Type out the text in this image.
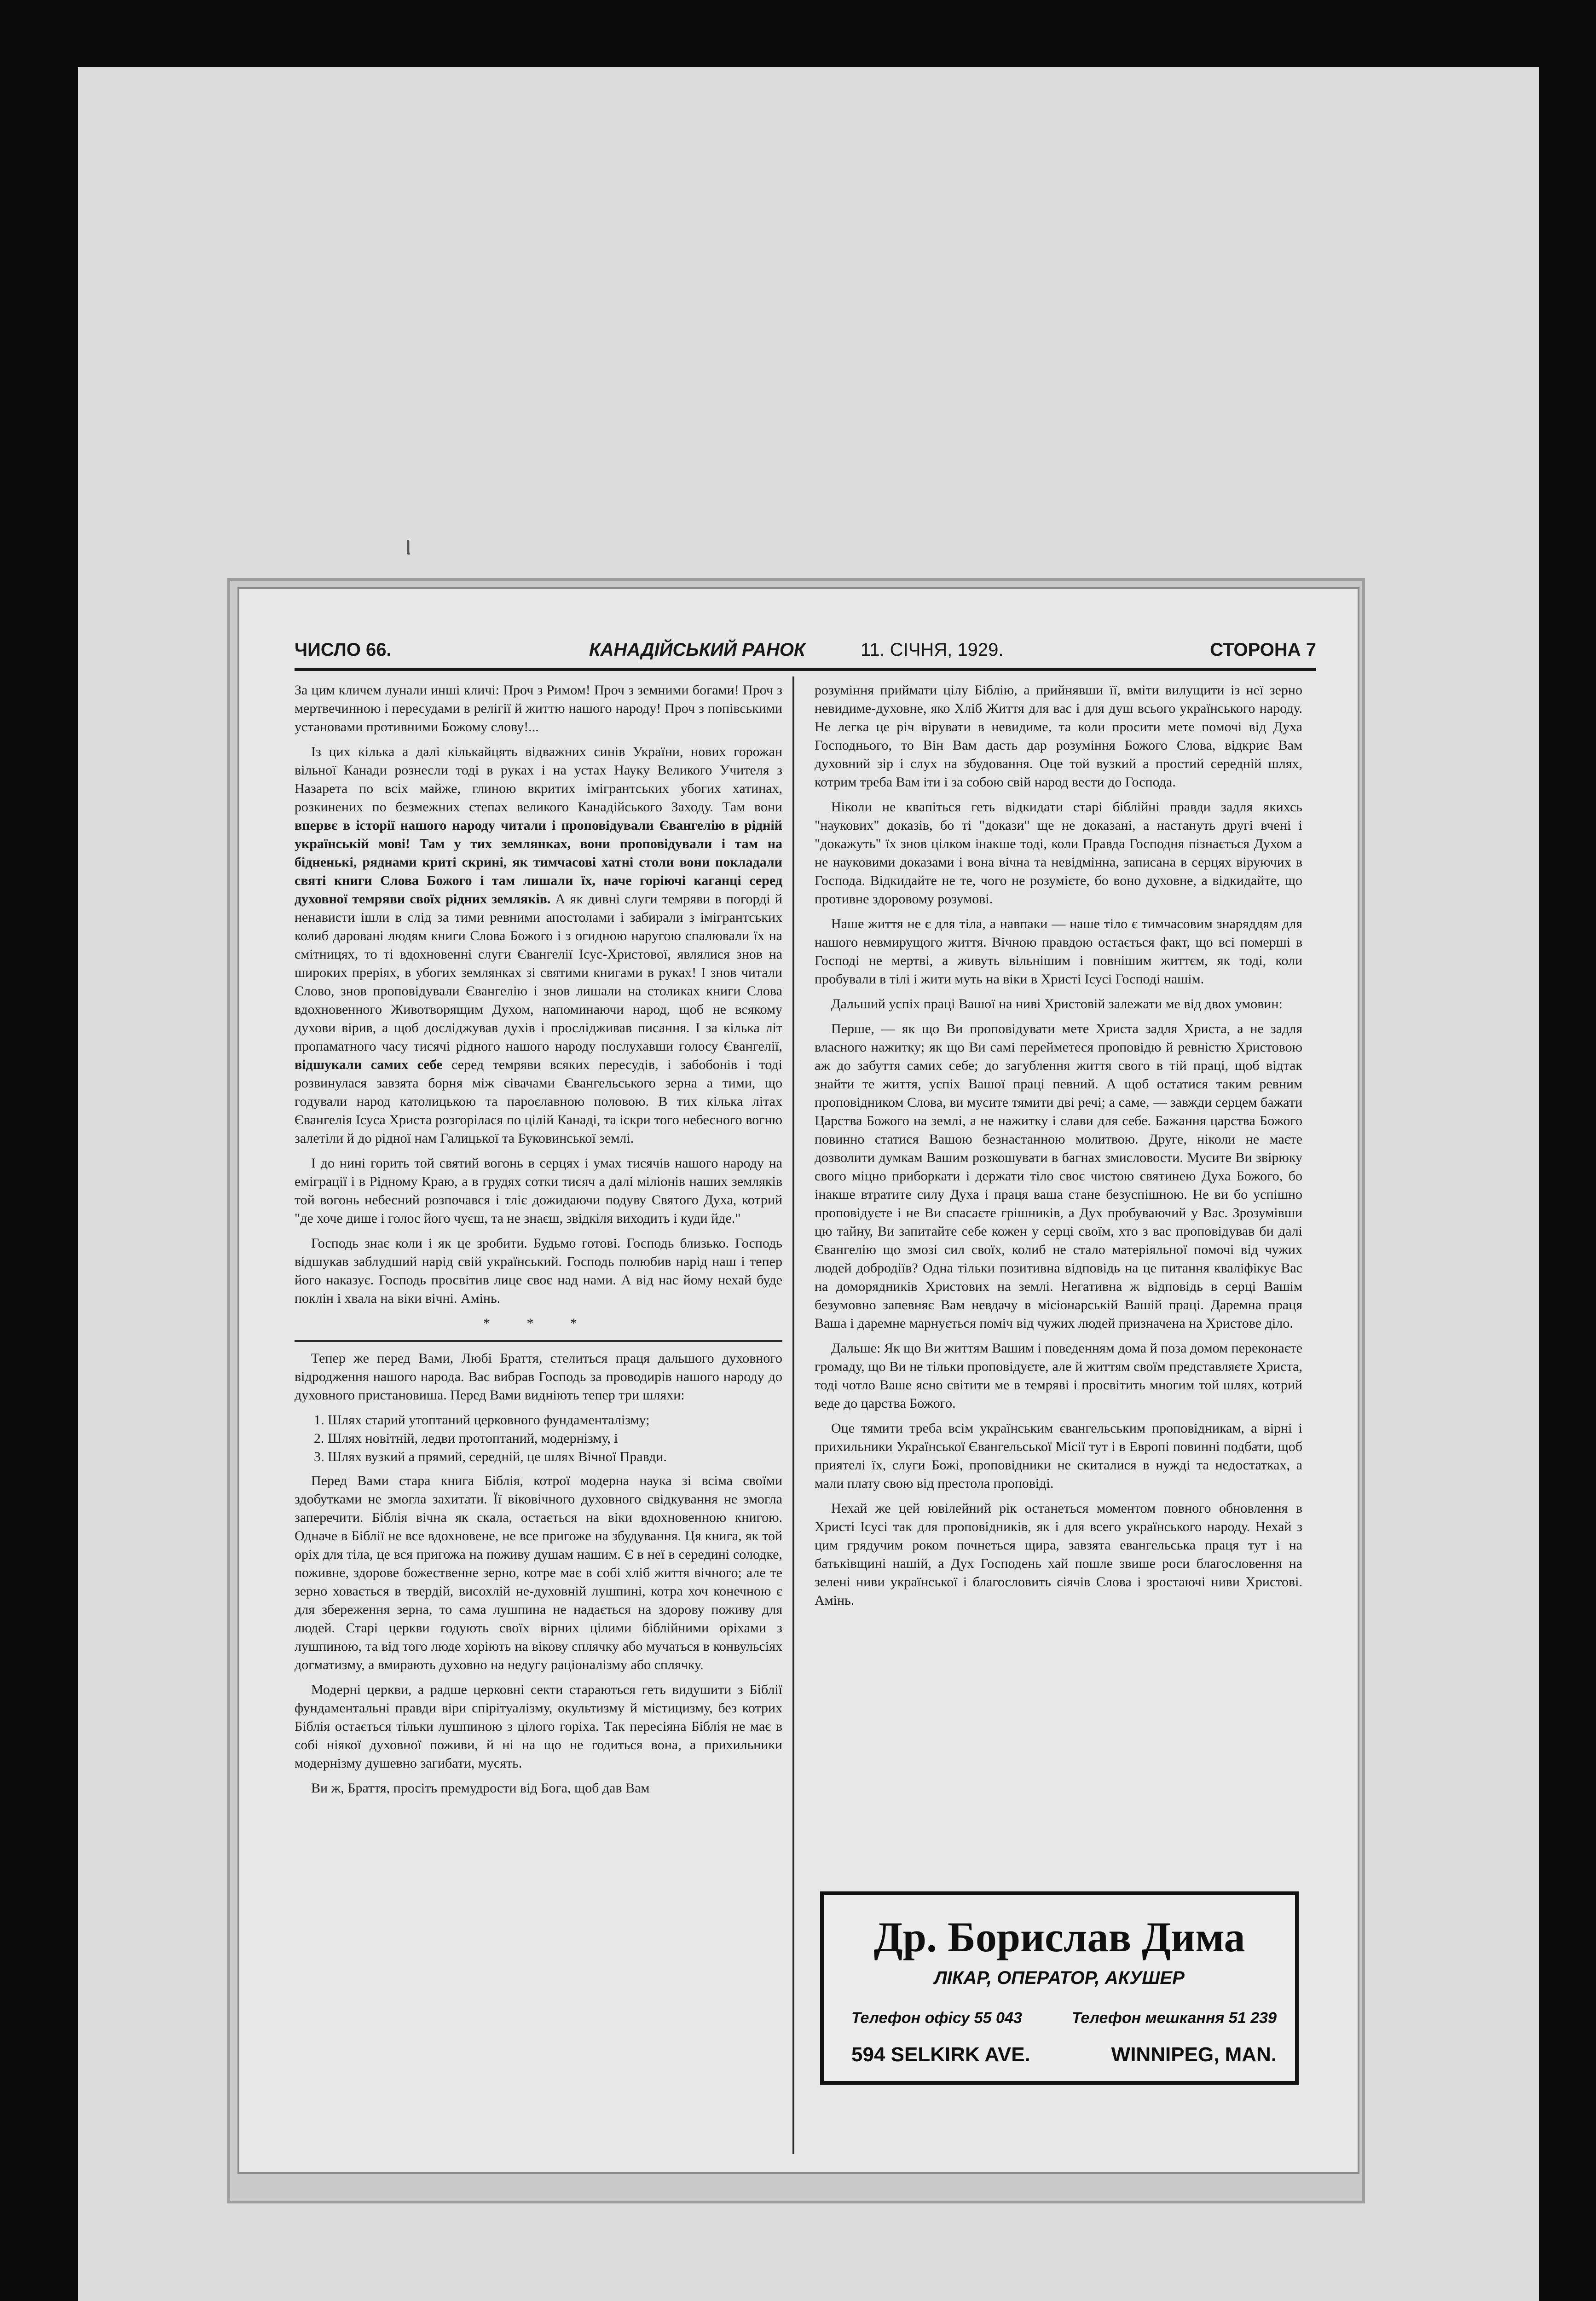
ι
ЧИСЛО 66.	КАНАДІЙСЬКИЙ РАНОК	11. СІЧНЯ, 1929.	СТОРОНА 7

За цим кличем лунали инші кличі: Проч з Римом! Проч з земними богами! Проч з мертвечинною і пересудами в релігії й життю нашого народу! Проч з попівськими установами противними Божому слову!...

Із цих кілька а далі кількайцять відважних синів України, нових горожан вільної Канади рознесли тоді в руках і на устах Науку Великого Учителя з Назарета по всіх майже, глиною вкритих імігрантських убогих хатинах, розкинених по безмежних степах великого Канадійського Заходу. Там вони впервє в історії нашого народу читали і проповідували Євангелію в рідній українській мові! Там у тих землянках, вони проповідували і там на бідненькі, ряднами криті скрині, як тимчасові хатні столи вони покладали святі книги Слова Божого і там лишали їх, наче горіючі каганці серед духовної темряви своїх рідних земляків. А як дивні слуги темряви в погорді й ненависти ішли в слід за тими ревними апостолами і забирали з імігрантських колиб даровані людям книги Слова Божого і з огидною наругою спалювали їх на смітницях, то ті вдохновенні слуги Євангелії Ісус-Христової, являлися знов на широких преріях, в убогих землянках зі святими книгами в руках! І знов читали Слово, знов проповідували Євангелію і знов лишали на столиках книги Слова вдохновенного Животворящим Духом, напоминаючи народ, щоб не всякому духови вірив, а щоб досліджував духів і прослідживав писання. І за кілька літ пропаматного часу тисячі рідного нашого народу послухавши голосу Євангелії, відшукали самих себе серед темряви всяких пересудів, і забобонів і тоді розвинулася завзята борня між сівачами Євангельського зерна а тими, що годували народ католицькою та пароєлавною половою. В тих кілька літах Євангелія Ісуса Христа розгорілася по цілій Канаді, та іскри того небесного вогню залетіли й до рідної нам Галицької та Буковинської землі.

І до нині горить той святий вогонь в серцях і умах тисячів нашого народу на еміграції і в Рідному Краю, а в грудях сотки тисяч а далі міліонів наших земляків той вогонь небесний розпочався і тліє дожидаючи подуву Святого Духа, котрий "де хоче дише і голос його чуєш, та не знаєш, звідкіля виходить і куди йде."

Господь знає коли і як це зробити. Будьмо готові. Господь близько. Господь відшукав заблудший нарід свій український. Господь полюбив нарід наш і тепер його наказує. Господь просвітив лице своє над нами. А від нас йому нехай буде поклін і хвала на віки вічні. Амінь.

* * *

Тепер же перед Вами, Любі Браття, стелиться праця дальшого духовного відродження нашого народа. Вас вибрав Господь за проводирів нашого народу до духовного пристановиша. Перед Вами видніють тепер три шляхи:

1. Шлях старий утоптаний церковного фундаменталізму;
2. Шлях новітній, ледви протоптаний, модернізму, і
3. Шлях вузкий а прямий, середній, це шлях Вічної Правди.

Перед Вами стара книга Біблія, котрої модерна наука зі всіма своїми здобутками не змогла захитати. Її віковічного духовного свідкування не змогла заперечити. Біблія вічна як скала, остається на віки вдохновенною книгою. Одначе в Біблії не все вдохновене, не все пригоже на збудування. Ця книга, як той оріх для тіла, це вся пригожа на поживу душам нашим. Є в неї в середині солодке, поживне, здорове божественне зерно, котре має в собі хліб життя вічного; але те зерно ховається в твердій, висохлій не-духовній лушпині, котра хоч конечною є для збереження зерна, то сама лушпина не надається на здорову поживу для людей. Старі церкви годують своїх вірних цілими біблійними оріхами з лушпиною, та від того люде хоріють на вікову сплячку або мучаться в конвульсіях догматизму, а вмирають духовно на недугу раціоналізму або сплячку.

Модерні церкви, а радше церковні секти стараються геть видушити з Біблії фундаментальні правди віри спірітуалізму, окультизму й містицизму, без котрих Біблія остається тільки лушпиною з цілого горіха. Так пересіяна Біблія не має в собі ніякої духовної поживи, й ні на що не годиться вона, а прихильники модернізму душевно загибати, мусять.

Ви ж, Браття, просіть премудрости від Бога, щоб дав Вам

розуміння приймати цілу Біблію, а прийнявши її, вміти вилущити із неї зерно невидиме-духовне, яко Хліб Життя для вас і для душ всього українського народу. Не легка це річ вірувати в невидиме, та коли просити мете помочі від Духа Господнього, то Він Вам дасть дар розуміння Божого Слова, відкриє Вам духовний зір і слух на збудовання. Оце той вузкий а простий середній шлях, котрим треба Вам іти і за собою свій народ вести до Господа.

Ніколи не квапіться геть відкидати старі біблійні правди задля якихсь "наукових" доказів, бо ті "докази" ще не доказані, а настануть другі вчені і "докажуть" їх знов цілком інакше тоді, коли Правда Господня пізнається Духом а не науковими доказами і вона вічна та невідмінна, записана в серцях віруючих в Господа. Відкидайте не те, чого не розумієте, бо воно духовне, а відкидайте, що противне здоровому розумові.

Наше життя не є для тіла, а навпаки — наше тіло є тимчасовим знаряддям для нашого невмирущого життя. Вічною правдою остається факт, що всі померші в Господі не мертві, а живуть вільнішим і повнішим життєм, як тоді, коли пробували в тілі і жити муть на віки в Христі Ісусі Господі нашім.

Дальший успіх праці Вашої на ниві Христовій залежати ме від двох умовин:

Перше, — як що Ви проповідувати мете Христа задля Христа, а не задля власного нажитку; як що Ви самі перейметеся проповідю й ревністю Христовою аж до забуття самих себе; до загублення життя свого в тій праці, щоб відтак знайти те життя, успіх Вашої праці певний. А щоб остатися таким ревним проповідником Слова, ви мусите тямити дві речі; а саме, — завжди серцем бажати Царства Божого на землі, а не нажитку і слави для себе. Бажання царства Божого повинно статися Вашою безнастанною молитвою. Друге, ніколи не маєте дозволити думкам Вашим розкошувати в багнах змисловости. Мусите Ви звірюку свого міцно приборкати і держати тіло своє чистою святинею Духа Божого, бо інакше втратите силу Духа і праця ваша стане безуспішною. Не ви бо успішно проповідуєте і не Ви спасаєте грішників, а Дух пробуваючий у Вас. Зрозумівши цю тайну, Ви запитайте себе кожен у серці своїм, хто з вас проповідував би далі Євангелію що змозі сил своїх, колиб не стало матеріяльної помочі від чужих людей добродіїв? Одна тільки позитивна відповідь на це питання кваліфікує Вас на доморядників Христових на землі. Негативна ж відповідь в серці Вашім безумовно запевняє Вам невдачу в місіонарській Вашій праці. Даремна праця Ваша і даремне марнується поміч від чужих людей призначена на Христове діло.

Дальше: Як що Ви життям Вашим і поведенням дома й поза домом переконаєте громаду, що Ви не тільки проповідуєте, але й життям своїм представляєте Христа, тоді чотло Ваше ясно світити ме в темряві і просвітить многим той шлях, котрий веде до царства Божого.

Оце тямити треба всім українським євангельським проповідникам, а вірні і прихильники Української Євангельської Місії тут і в Европі повинні подбати, щоб приятелі їх, слуги Божі, проповідники не скиталися в нужді та недостатках, а мали плату свою від престола проповіді.

Нехай же цей ювілейний рік останеться моментом повного обновлення в Христі Ісусі так для проповідників, як і для всего українського народу. Нехай з цим грядучим роком почнеться щира, завзята евангельська праця тут і на батьківщині нашій, а Дух Господень хай пошле звише роси благословення на зелені ниви української і благословить сіячів Слова і зростаючі ниви Христові. Амінь.

Др. Борислав Дима
ЛІКАР, ОПЕРАТОР, АКУШЕР
Телефон офісу 55 043	Телефон мешкання 51 239
594 SELKIRK AVE.	WINNIPEG, MAN.
